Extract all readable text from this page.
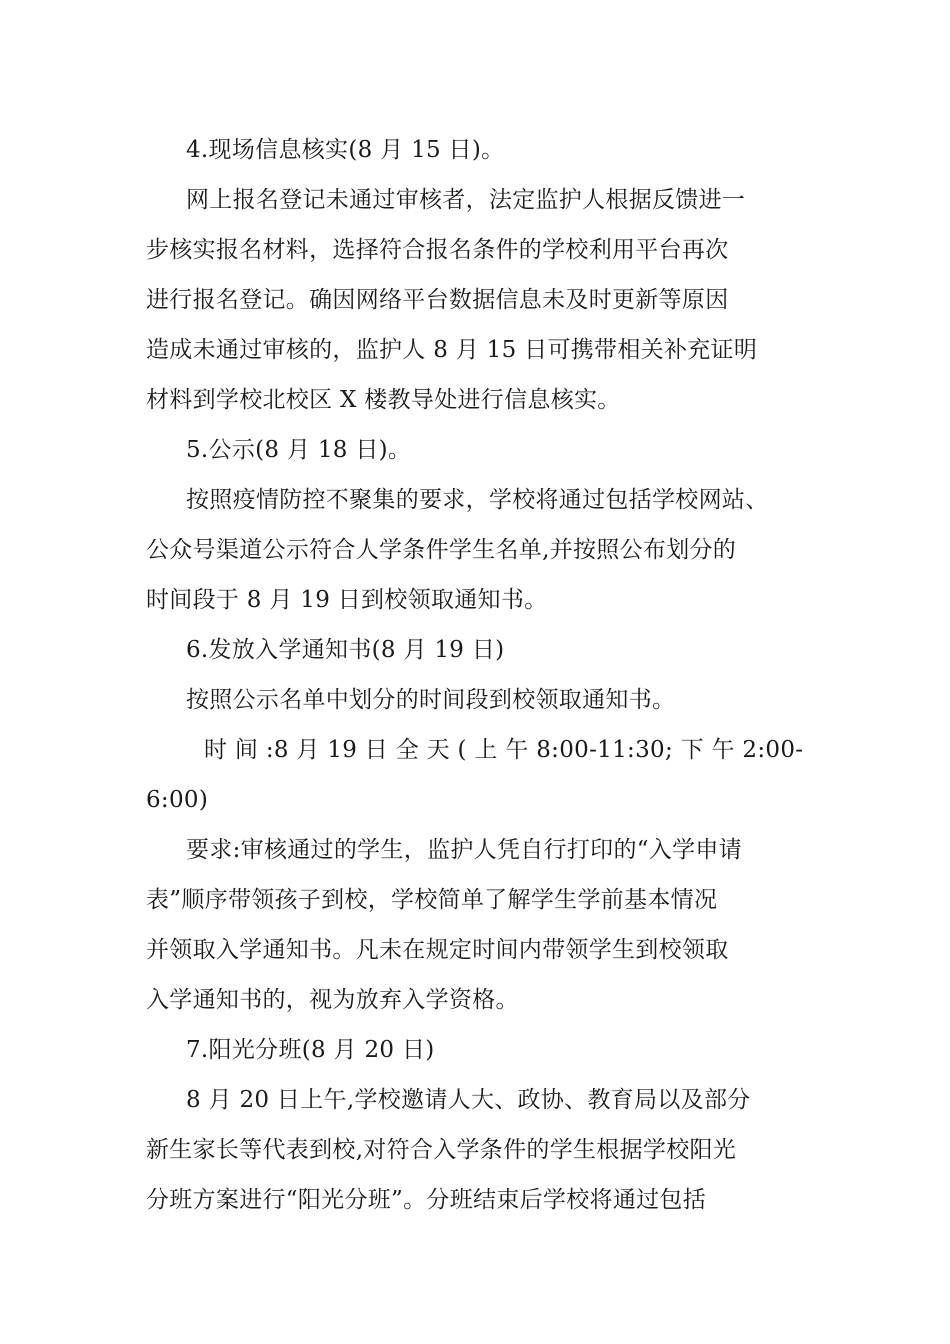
4.现场信息核实(8 月 15 日)。
网上报名登记未通过审核者，法定监护人根据反馈进一
步核实报名材料，选择符合报名条件的学校利用平台再次
进行报名登记。确因网络平台数据信息未及时更新等原因
造成未通过审核的，监护人 8 月 15 日可携带相关补充证明
材料到学校北校区 X 楼教导处进行信息核实。
5.公示(8 月 18 日)。
按照疫情防控不聚集的要求，学校将通过包括学校网站、
公众号渠道公示符合人学条件学生名单,并按照公布划分的
时间段于 8 月 19 日到校领取通知书。
6.发放入学通知书(8 月 19 日)
按照公示名单中划分的时间段到校领取通知书。
时 间 :8 月 19 日 全 天 ( 上 午 8:00-11:30; 下 午 2:00-
6:00)
要求:审核通过的学生，监护人凭自行打印的“入学申请
表”顺序带领孩子到校，学校简单了解学生学前基本情况
并领取入学通知书。凡未在规定时间内带领学生到校领取
入学通知书的，视为放弃入学资格。
7.阳光分班(8 月 20 日)
8 月 20 日上午,学校邀请人大、政协、教育局以及部分
新生家长等代表到校,对符合入学条件的学生根据学校阳光
分班方案进行“阳光分班”。分班结束后学校将通过包括
